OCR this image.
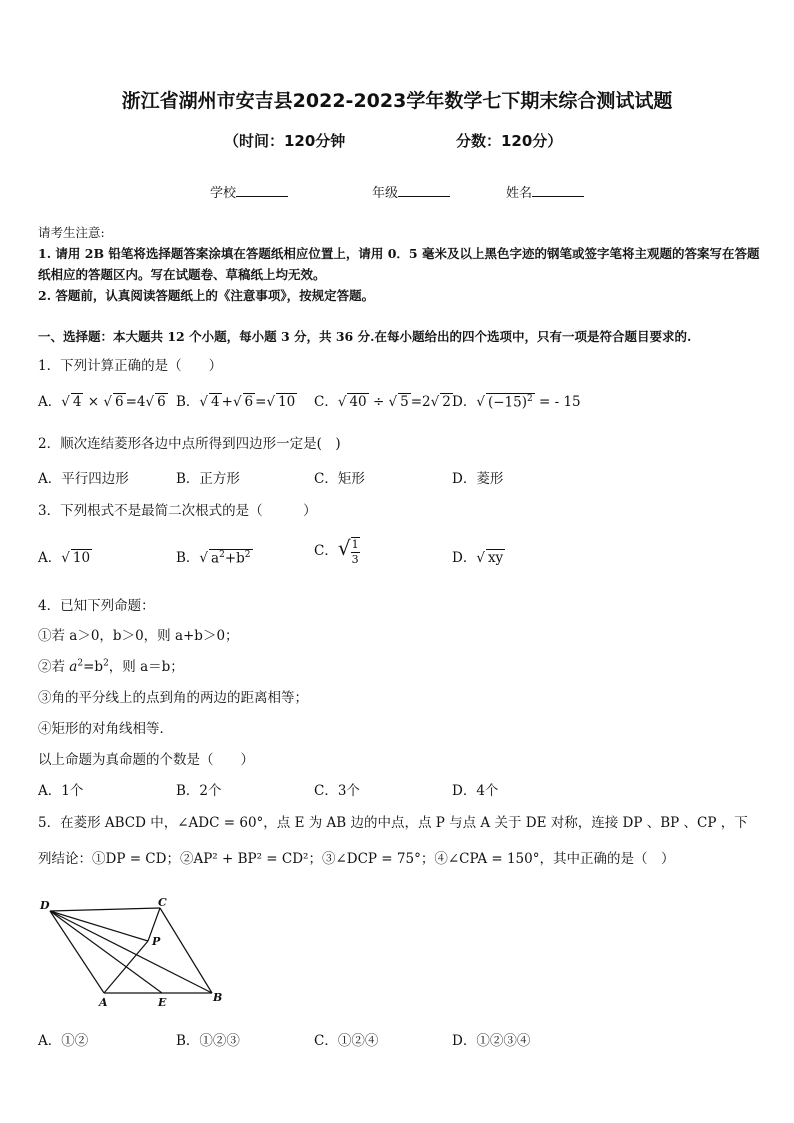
浙江省湖州市安吉县2022-2023学年数学七下期末综合测试试题
（时间：120分钟	分数：120分）
学校	年级	姓名
请考生注意:
1. 请用 2B 铅笔将选择题答案涂填在答题纸相应位置上，请用 0．5 毫米及以上黑色字迹的钢笔或签字笔将主观题的答案写在答题纸相应的答题区内。写在试题卷、草稿纸上均无效。
2. 答题前，认真阅读答题纸上的《注意事项》，按规定答题。
一、选择题：本大题共 12 个小题，每小题 3 分，共 36 分.在每小题给出的四个选项中，只有一项是符合题目要求的.
1．下列计算正确的是（　　）
A．√ 4 × √ 6 =4√ 6 B．√ 4 +√ 6 =√ 10 C．√ 40 ÷ √ 5 =2√ 2 D．√ $(-15)^2$ = - 15
2．顺次连结菱形各边中点所得到四边形一定是(　)
A．平行四边形	B．正方形	C．矩形	D．菱形
3．下列根式不是最简二次根式的是（　　　）
A．√ 10	B．√ $a^2+b^2$	C．√ $\frac{1}{3}$	D．√ xy
4．已知下列命题：
①若 a＞0，b＞0，则 a+b＞0；
②若 $a^2=b^2$，则 a＝b；
③角的平分线上的点到角的两边的距离相等；
④矩形的对角线相等．
以上命题为真命题的个数是（　　）
A．1个	B．2个	C．3个	D．4个
5．在菱形 ABCD 中，∠ADC = 60°，点 E 为 AB 边的中点，点 P 与点 A 关于 DE 对称，连接 DP 、BP 、CP ，下
列结论：①DP = CD；②AP² + BP² = CD²；③∠DCP = 75°；④∠CPA = 150°，其中正确的是（　）
D	C
P
A	E	B
A．①②	B．①②③	C．①②④	D．①②③④
